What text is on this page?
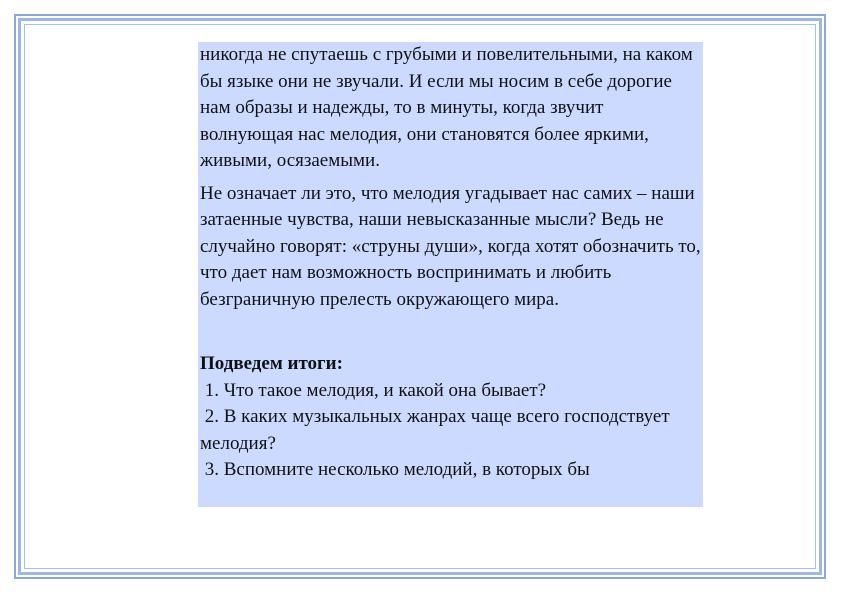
никогда не спутаешь с грубыми и повелительными, на каком бы языке они не звучали. И если мы носим в себе дорогие нам образы и надежды, то в минуты, когда звучит волнующая нас мелодия, они становятся более яркими, живыми, осязаемыми.

Не означает ли это, что мелодия угадывает нас самих – наши затаенные чувства, наши невысказанные мысли? Ведь не случайно говорят: «струны души», когда хотят обозначить то, что дает нам возможность воспринимать и любить безграничную прелесть окружающего мира.

Подведем итоги:

1. Что такое мелодия, и какой она бывает?

2. В каких музыкальных жанрах чаще всего господствует мелодия?

3. Вспомните несколько мелодий, в которых бы
